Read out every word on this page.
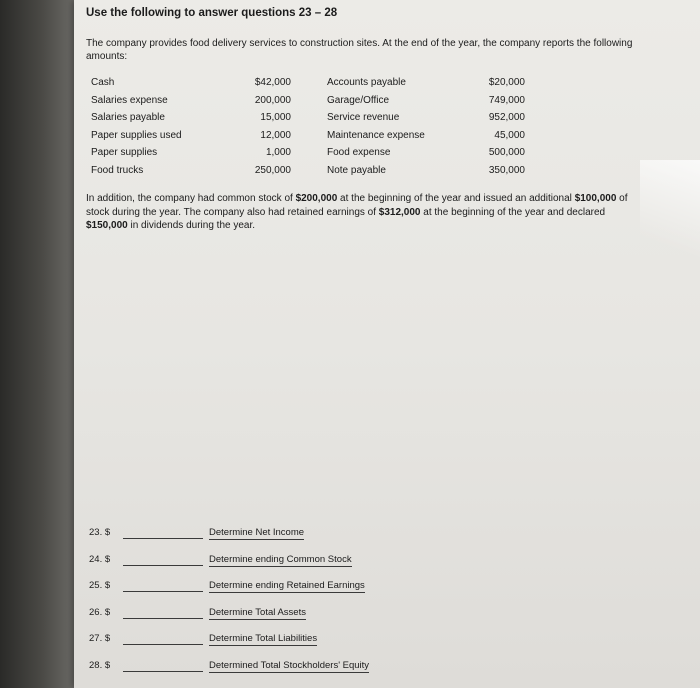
Use the following to answer questions 23 – 28

The company provides food delivery services to construction sites. At the end of the year, the company reports the following amounts:

Cash	$42,000	Accounts payable	$20,000
Salaries expense	200,000	Garage/Office	749,000
Salaries payable	15,000	Service revenue	952,000
Paper supplies used	12,000	Maintenance expense	45,000
Paper supplies	1,000	Food expense	500,000
Food trucks	250,000	Note payable	350,000

In addition, the company had common stock of $200,000 at the beginning of the year and issued an additional $100,000 of stock during the year. The company also had retained earnings of $312,000 at the beginning of the year and declared $150,000 in dividends during the year.

23. $	Determine Net Income
24. $	Determine ending Common Stock
25. $	Determine ending Retained Earnings
26. $	Determine Total Assets
27. $	Determine Total Liabilities
28. $	Determined Total Stockholders' Equity
